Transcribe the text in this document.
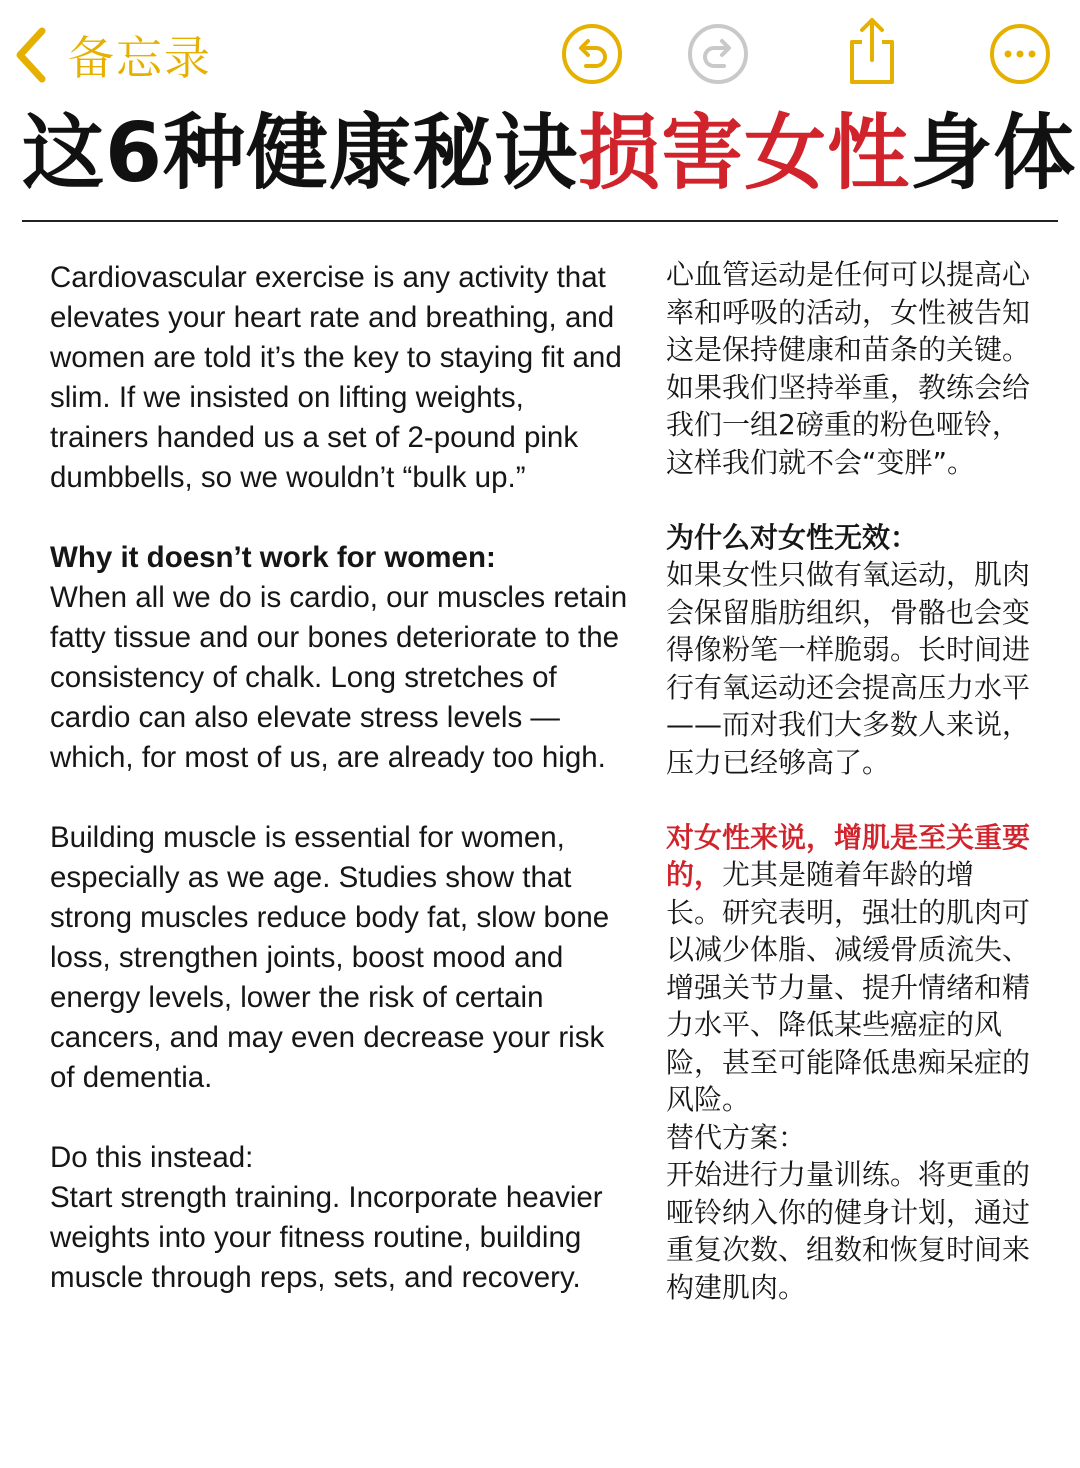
备忘录
这6种健康秘诀损害女性身体

Cardiovascular exercise is any activity that elevates your heart rate and breathing, and women are told it’s the key to staying fit and slim. If we insisted on lifting weights, trainers handed us a set of 2-pound pink dumbbells, so we wouldn’t “bulk up.”

Why it doesn’t work for women:
When all we do is cardio, our muscles retain fatty tissue and our bones deteriorate to the consistency of chalk. Long stretches of cardio can also elevate stress levels — which, for most of us, are already too high.

Building muscle is essential for women, especially as we age. Studies show that strong muscles reduce body fat, slow bone loss, strengthen joints, boost mood and energy levels, lower the risk of certain cancers, and may even decrease your risk of dementia.

Do this instead:
Start strength training. Incorporate heavier weights into your fitness routine, building muscle through reps, sets, and recovery.

心血管运动是任何可以提高心率和呼吸的活动，女性被告知这是保持健康和苗条的关键。如果我们坚持举重，教练会给我们一组2磅重的粉色哑铃，这样我们就不会“变胖”。

为什么对女性无效：
如果女性只做有氧运动，肌肉会保留脂肪组织，骨骼也会变得像粉笔一样脆弱。长时间进行有氧运动还会提高压力水平——而对我们大多数人来说，压力已经够高了。

对女性来说，增肌是至关重要的，尤其是随着年龄的增长。研究表明，强壮的肌肉可以减少体脂、减缓骨质流失、增强关节力量、提升情绪和精力水平、降低某些癌症的风险，甚至可能降低患痴呆症的风险。

替代方案：
开始进行力量训练。将更重的哑铃纳入你的健身计划，通过重复次数、组数和恢复时间来构建肌肉。
